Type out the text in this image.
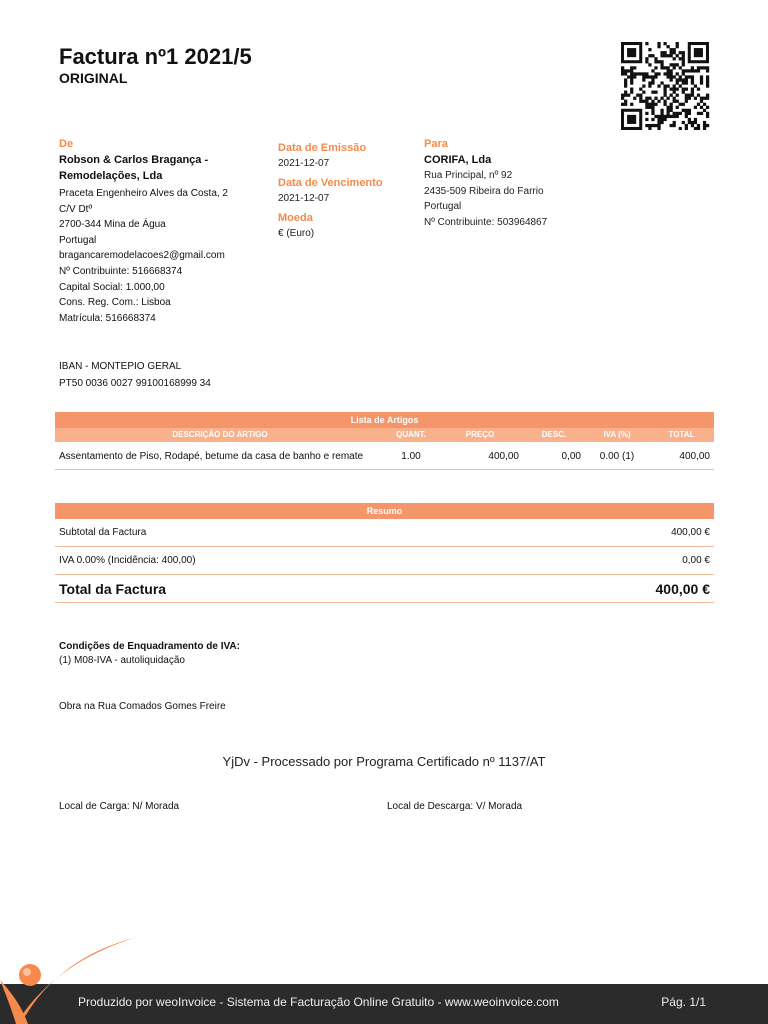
Factura nº1 2021/5
ORIGINAL
De
Robson & Carlos Bragança -
Remodelações, Lda
Praceta Engenheiro Alves da Costa, 2
C/V Dtº
2700-344 Mina de Água
Portugal
bragancaremodelacoes2@gmail.com
Nº Contribuinte: 516668374
Capital Social: 1.000,00
Cons. Reg. Com.: Lisboa
Matrícula: 516668374
Data de Emissão
2021-12-07
Data de Vencimento
2021-12-07
Moeda
€ (Euro)
Para
CORIFA, Lda
Rua Principal, nº 92
2435-509 Ribeira do Farrio
Portugal
Nº Contribuinte: 503964867
IBAN - MONTEPIO GERAL
PT50 0036 0027 99100168999 34
Lista de Artigos
DESCRIÇÃO DO ARTIGO	QUANT.	PREÇO	DESC.	IVA (%)	TOTAL
Assentamento de Piso, Rodapé, betume da casa de banho e remate	1.00	400,00	0,00	0.00 (1)	400,00
Resumo
Subtotal da Factura	400,00 €
IVA 0.00% (Incidência: 400,00)	0,00 €
Total da Factura	400,00 €
Condições de Enquadramento de IVA:
(1) M08-IVA - autoliquidação
Obra na Rua Comados Gomes Freire
YjDv - Processado por Programa Certificado nº 1137/AT
Local de Carga: N/ Morada	Local de Descarga: V/ Morada
Produzido por weoInvoice - Sistema de Facturação Online Gratuito - www.weoinvoice.com	Pág. 1/1
